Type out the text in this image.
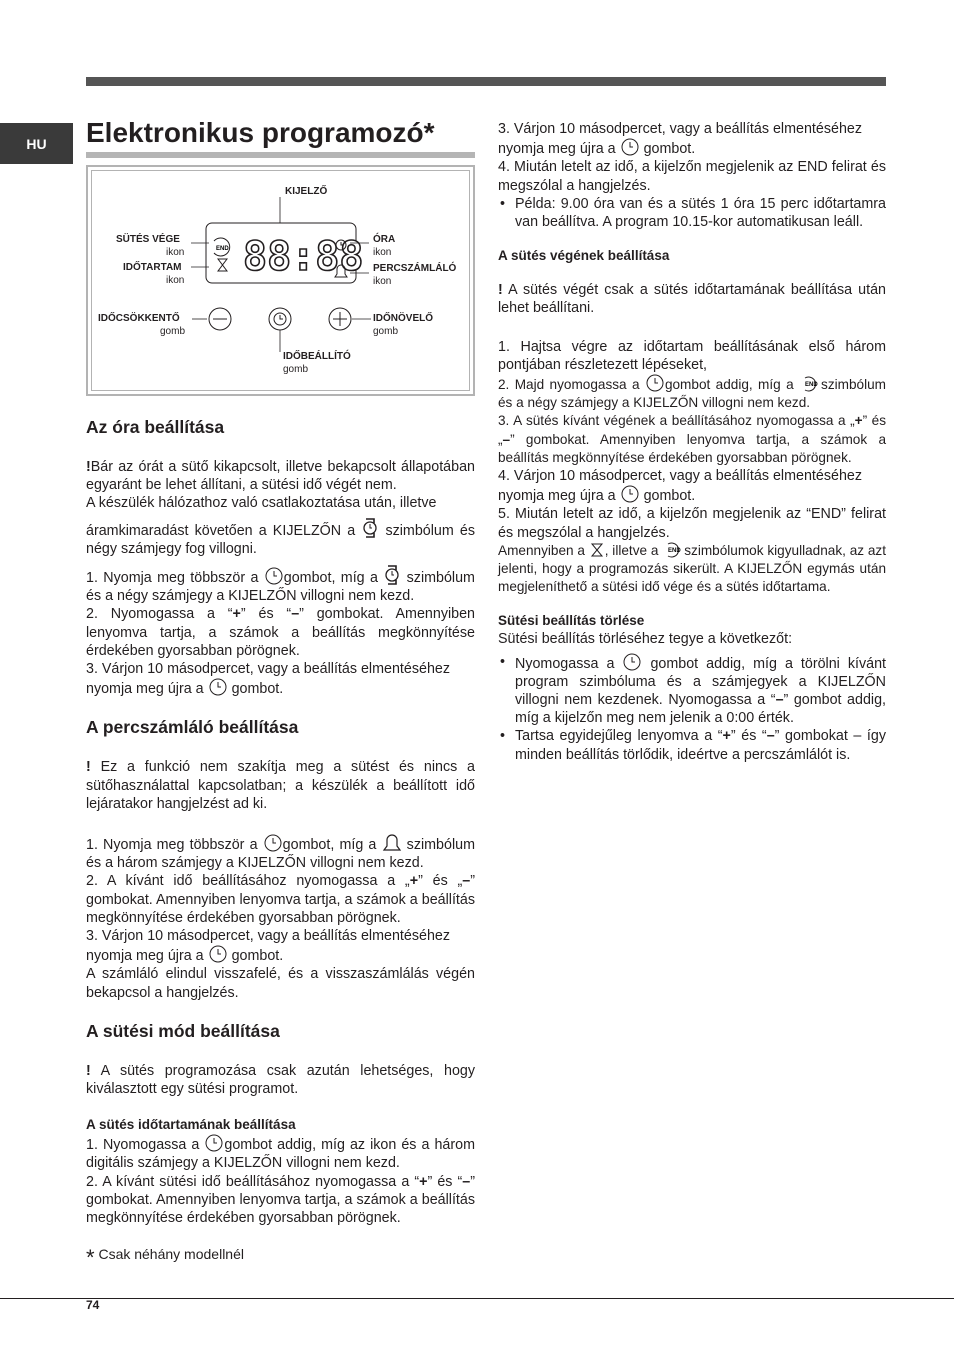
HU	Elektronikus programozó*
88:88
END
KIJELZŐ
SÜTÉS VÉGE
ikon
IDŐTARTAM
ikon
ÓRA
ikon
PERCSZÁMLÁLÓ
ikon
IDŐCSÖKKENTŐ
gomb
IDŐNÖVELŐ
gomb
IDŐBEÁLLÍTÓ
gomb

Az óra beállítása

!Bár az órát a sütő kikapcsolt, illetve bekapcsolt állapotában egyaránt be lehet állítani, a sütési idő végét nem.

A készülék hálózathoz való csatlakoztatása után, illetve

áramkimaradást követően a KIJELZŐN a szimbólum és négy számjegy fog villogni.

1. Nyomja meg többször a gombot, míg a szimbólum és a négy számjegy a KIJELZŐN villogni nem kezd.

2. Nyomogassa a “+” és “–” gombokat. Amennyiben lenyomva tartja, a számok a beállítás megkönnyítése érdekében gyorsabban pörögnek.

3. Várjon 10 másodpercet, vagy a beállítás elmentéséhez

nyomja meg újra a gombot.

A percszámláló beállítása

! Ez a funkció nem szakítja meg a sütést és nincs a sütőhasználattal kapcsolatban; a készülék a beállított idő lejáratakor hangjelzést ad ki.

1. Nyomja meg többször a gombot, míg a szimbólum és a három számjegy a KIJELZŐN villogni nem kezd.

2. A kívánt idő beállításához nyomogassa a „+” és „–” gombokat. Amennyiben lenyomva tartja, a számok a beállítás megkönnyítése érdekében gyorsabban pörögnek.

3. Várjon 10 másodpercet, vagy a beállítás elmentéséhez

nyomja meg újra a gombot.

A számláló elindul visszafelé, és a visszaszámlálás végén bekapcsol a hangjelzés.

A sütési mód beállítása

! A sütés programozása csak azután lehetséges, hogy kiválasztott egy sütési programot.

A sütés időtartamának beállítása

1. Nyomogassa a gombot addig, míg az ikon és a három digitális számjegy a KIJELZŐN villogni nem kezd.

2. A kívánt sütési idő beállításához nyomogassa a “+” és “–” gombokat. Amennyiben lenyomva tartja, a számok a beállítás megkönnyítése érdekében gyorsabban pörögnek.

* Csak néhány modellnél

3. Várjon 10 másodpercet, vagy a beállítás elmentéséhez

nyomja meg újra a gombot.

4. Miután letelt az idő, a kijelzőn megjelenik az END felirat és megszólal a hangjelzés.

• Példa: 9.00 óra van és a sütés 1 óra 15 perc időtartamra van beállítva. A program 10.15-kor automatikusan leáll.

A sütés végének beállítása

! A sütés végét csak a sütés időtartamának beállítása után lehet beállítani.

1. Hajtsa végre az időtartam beállításának első három pontjában részletezett lépéseket,

2. Majd nyomogassa a gombot addig, míg a END szimbólum és a négy számjegy a KIJELZŐN villogni nem kezd.

3. A sütés kívánt végének a beállításához nyomogassa a „+” és „–” gombokat. Amennyiben lenyomva tartja, a számok a beállítás megkönnyítése érdekében gyorsabban pörögnek.

4. Várjon 10 másodpercet, vagy a beállítás elmentéséhez

nyomja meg újra a gombot.

5. Miután letelt az idő, a kijelzőn megjelenik az “END” felirat és megszólal a hangjelzés.

Amennyiben a , illetve a END szimbólumok kigyulladnak, az azt jelenti, hogy a programozás sikerült. A KIJELZŐN egymás után megjeleníthető a sütési idő vége és a sütés időtartama.

Sütési beállítás törlése

Sütési beállítás törléséhez tegye a következőt:

• Nyomogassa a	gombot addig, míg a törölni kívánt program szimbóluma és a számjegyek a KIJELZŐN villogni nem kezdenek. Nyomogassa a “–” gombot addig, míg a kijelzőn meg nem jelenik a 0:00 érték.

• Tartsa egyidejűleg lenyomva a “+” és “–” gombokat – így minden beállítás törlődik, ideértve a percszámlálót is.

74
